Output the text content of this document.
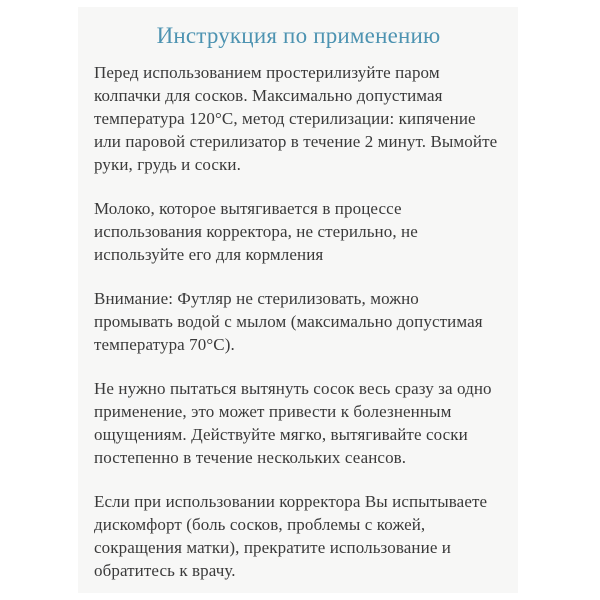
Инструкция по применению

Перед использованием простерилизуйте паром колпачки для сосков. Максимально допустимая температура 120°C, метод стерилизации: кипячение или паровой стерилизатор в течение 2 минут. Вымойте руки, грудь и соски.

Молоко, которое вытягивается в процессе использования корректора, не стерильно, не используйте его для кормления

Внимание: Футляр не стерилизовать, можно промывать водой с мылом (максимально допустимая температура 70°C).

Не нужно пытаться вытянуть сосок весь сразу за одно применение, это может привести к болезненным ощущениям. Действуйте мягко, вытягивайте соски постепенно в течение нескольких сеансов.

Если при использовании корректора Вы испытываете дискомфорт (боль сосков, проблемы с кожей, сокращения матки), прекратите использование и обратитесь к врачу.
